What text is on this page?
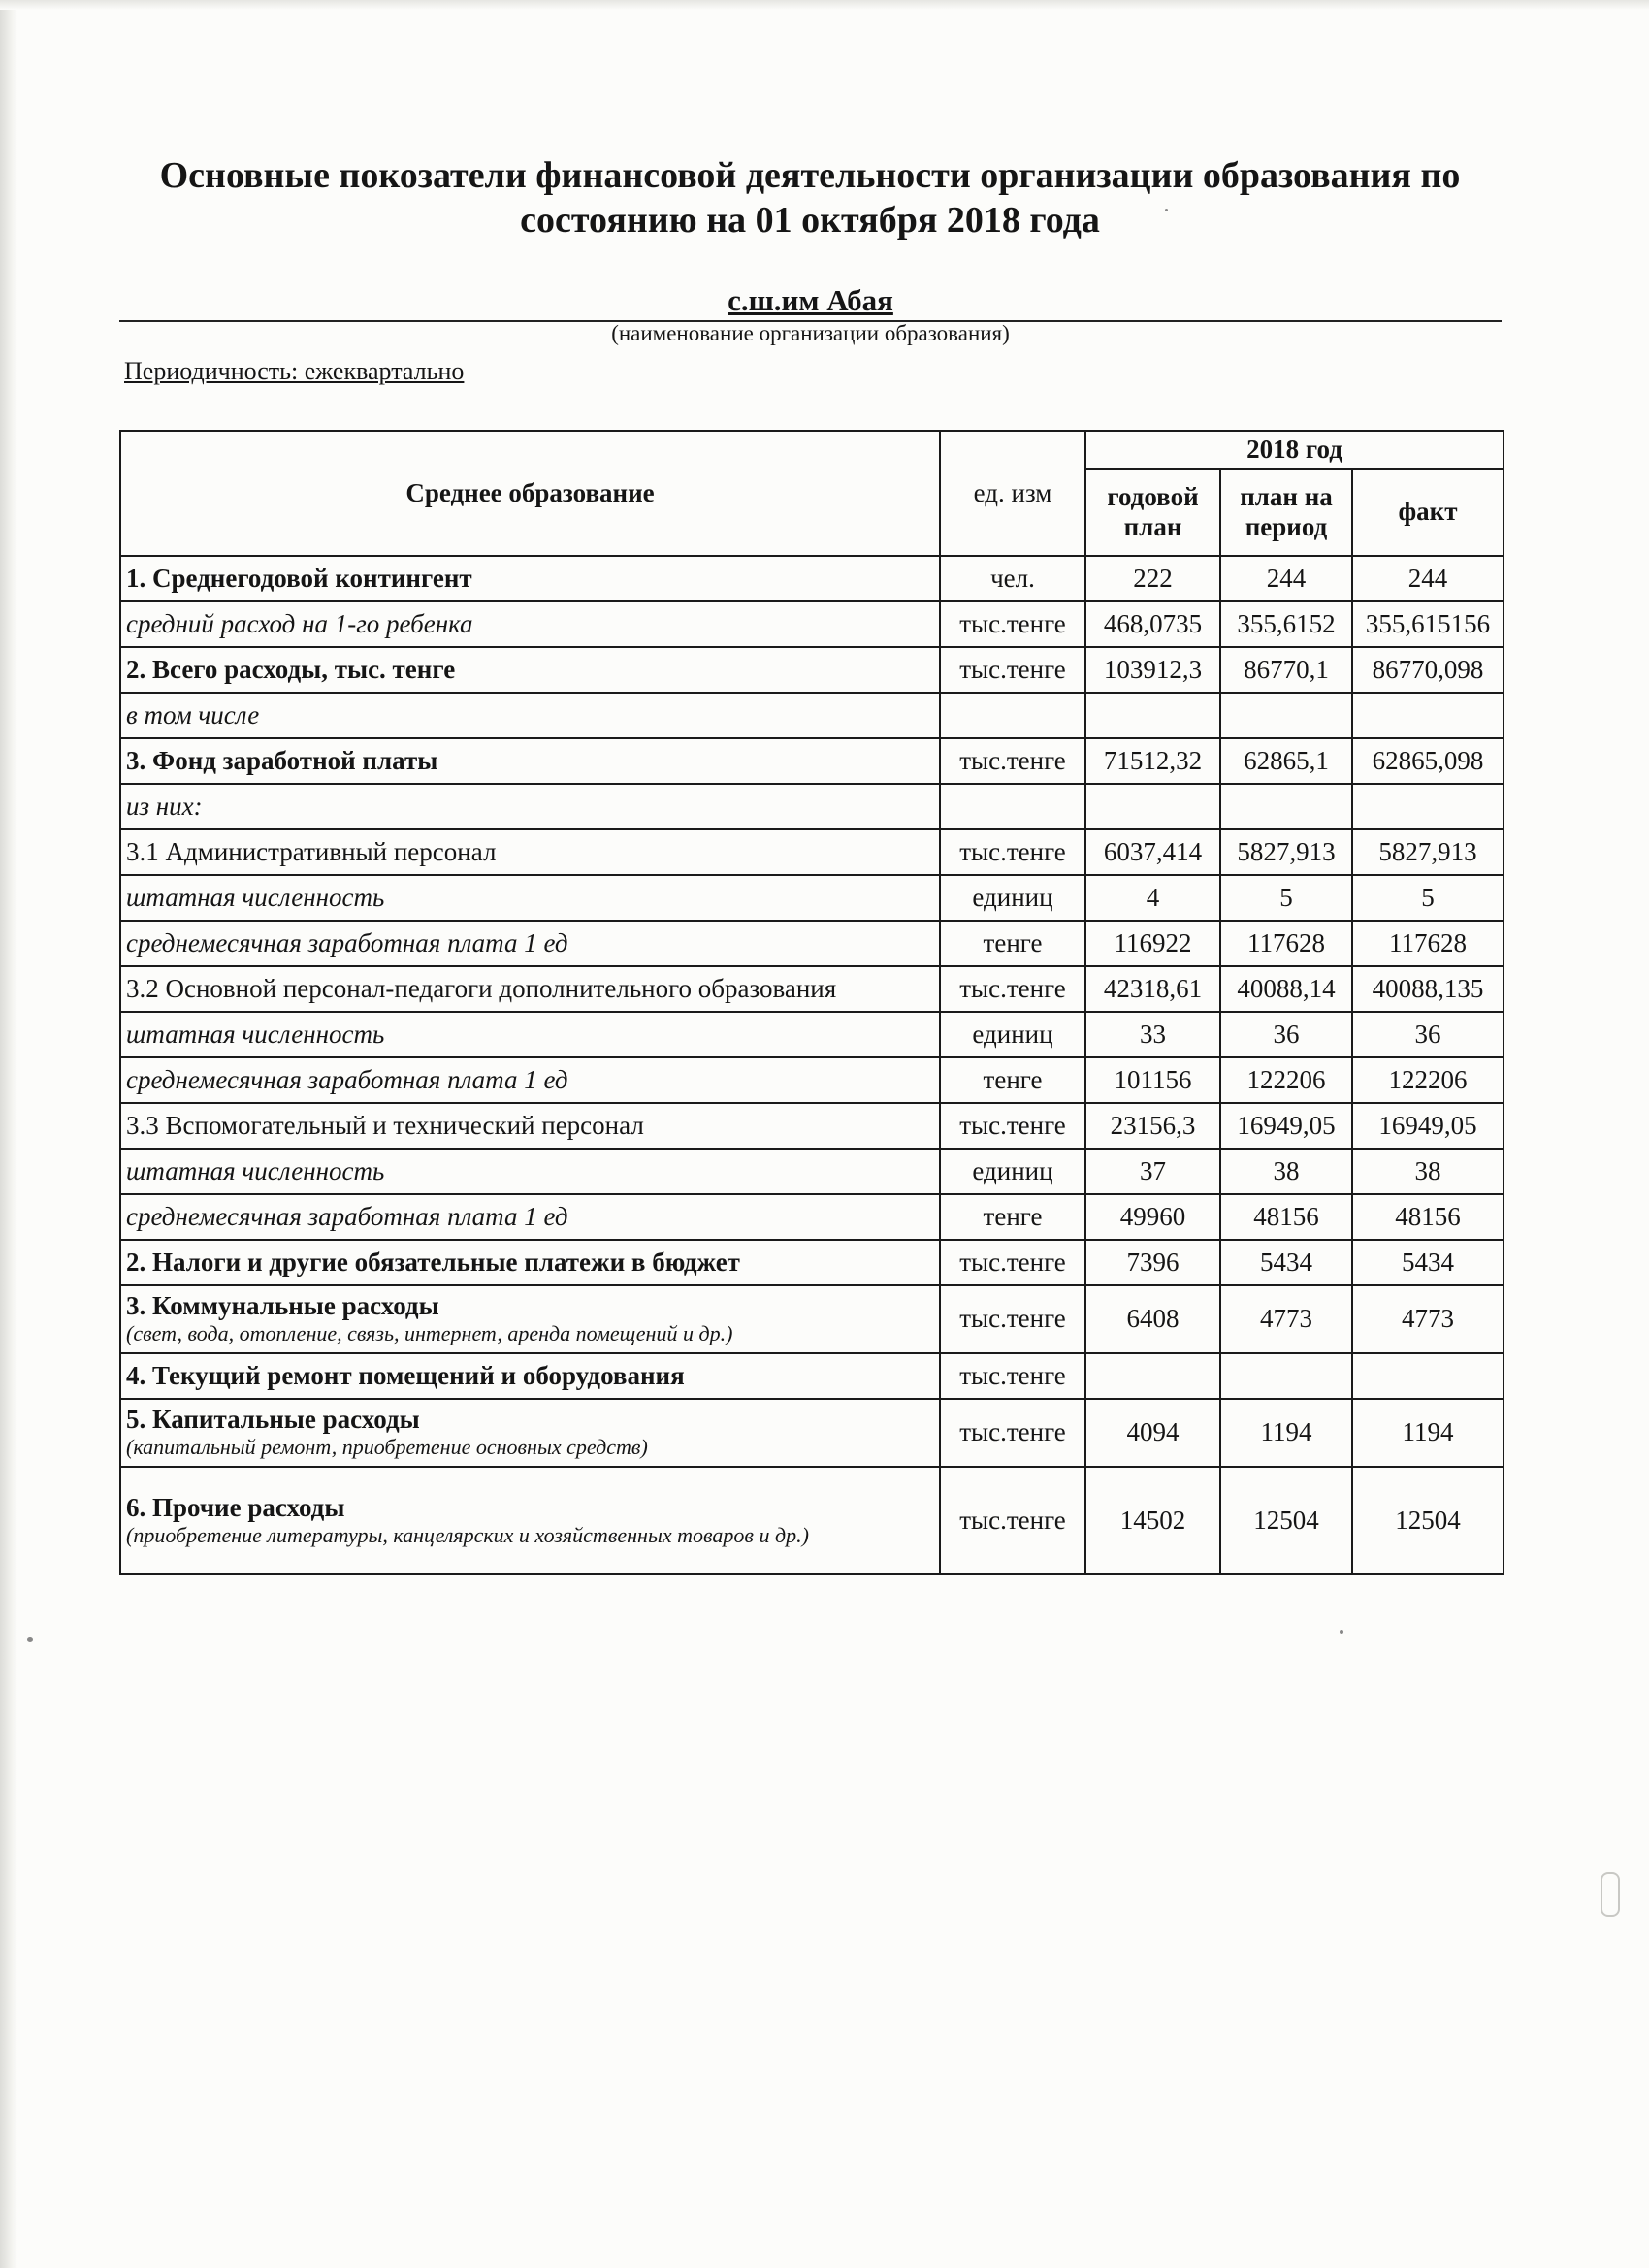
Основные покозатели финансовой деятельности организации образования по состоянию на 01 октября 2018 года
с.ш.им Абая
(наименование организации образования)
Периодичность: ежеквартально
Среднее образование	ед. изм	2018 год		
		годовой план	план на период	факт
1. Среднегодовой контингент	чел.	222	244	244
средний расход на 1-го ребенка	тыс.тенге	468,0735	355,6152	355,615156
2. Всего расходы, тыс. тенге	тыс.тенге	103912,3	86770,1	86770,098
в том числе				
3. Фонд заработной платы	тыс.тенге	71512,32	62865,1	62865,098
из них:				
3.1 Административный персонал	тыс.тенге	6037,414	5827,913	5827,913
штатная численность	единиц	4	5	5
среднемесячная заработная плата 1 ед	тенге	116922	117628	117628
3.2 Основной персонал-педагоги дополнительного образования	тыс.тенге	42318,61	40088,14	40088,135
штатная численность	единиц	33	36	36
среднемесячная заработная плата 1 ед	тенге	101156	122206	122206
3.3 Вспомогательный и технический персонал	тыс.тенге	23156,3	16949,05	16949,05
штатная численность	единиц	37	38	38
среднемесячная заработная плата 1 ед	тенге	49960	48156	48156
2. Налоги и другие обязательные платежи в бюджет	тыс.тенге	7396	5434	5434
3. Коммунальные расходы
(свет, вода, отопление, связь, интернет, аренда помещений и др.)	тыс.тенге	6408	4773	4773
4. Текущий ремонт помещений и оборудования	тыс.тенге			
5. Капитальные расходы
(капитальный ремонт, приобретение основных средств)	тыс.тенге	4094	1194	1194
6. Прочие расходы
(приобретение литературы, канцелярских и хозяйственных товаров и др.)	тыс.тенге	14502	12504	12504
